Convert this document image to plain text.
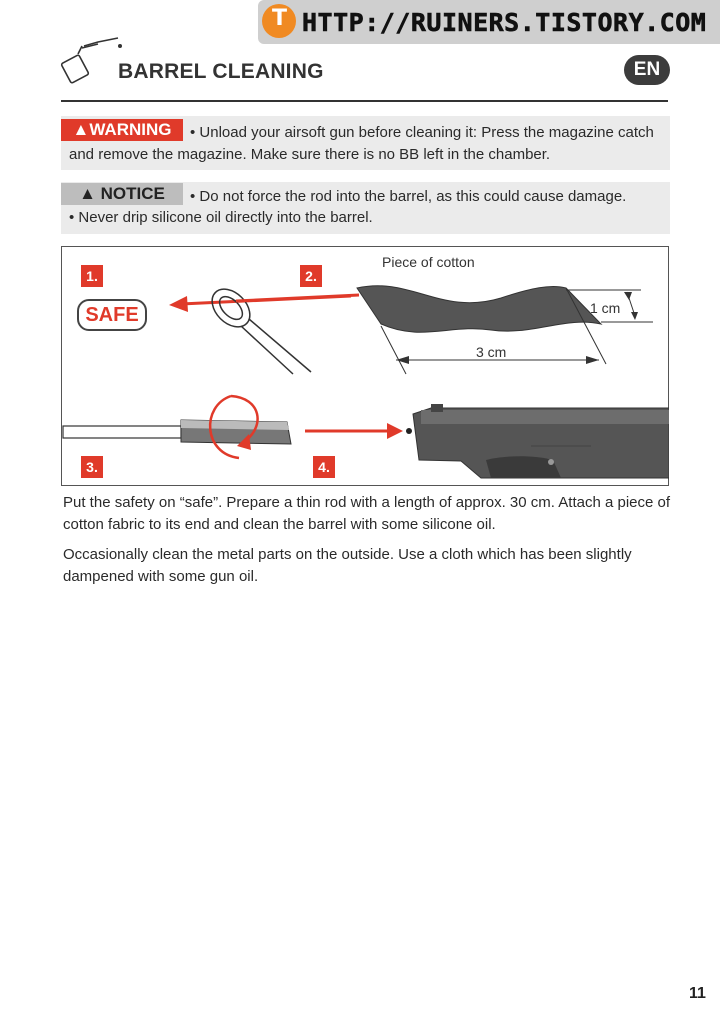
T HTTP://RUINERS.TISTORY.COM
BARREL CLEANING	EN
▲WARNING	• Unload your airsoft gun before cleaning it: Press the magazine catch
and remove the magazine. Make sure there is no BB left in the chamber.
▲ NOTICE	• Do not force the rod into the barrel, as this could cause damage.
• Never drip silicone oil directly into the barrel.
1.	2.
3.	4.
SAFE
Piece of cotton
1 cm
3 cm
Put the safety on “safe”. Prepare a thin rod with a length of approx. 30 cm. Attach a piece of
cotton fabric to its end and clean the barrel with some silicone oil.
Occasionally clean the metal parts on the outside. Use a cloth which has been slightly
dampened with some gun oil.
11
